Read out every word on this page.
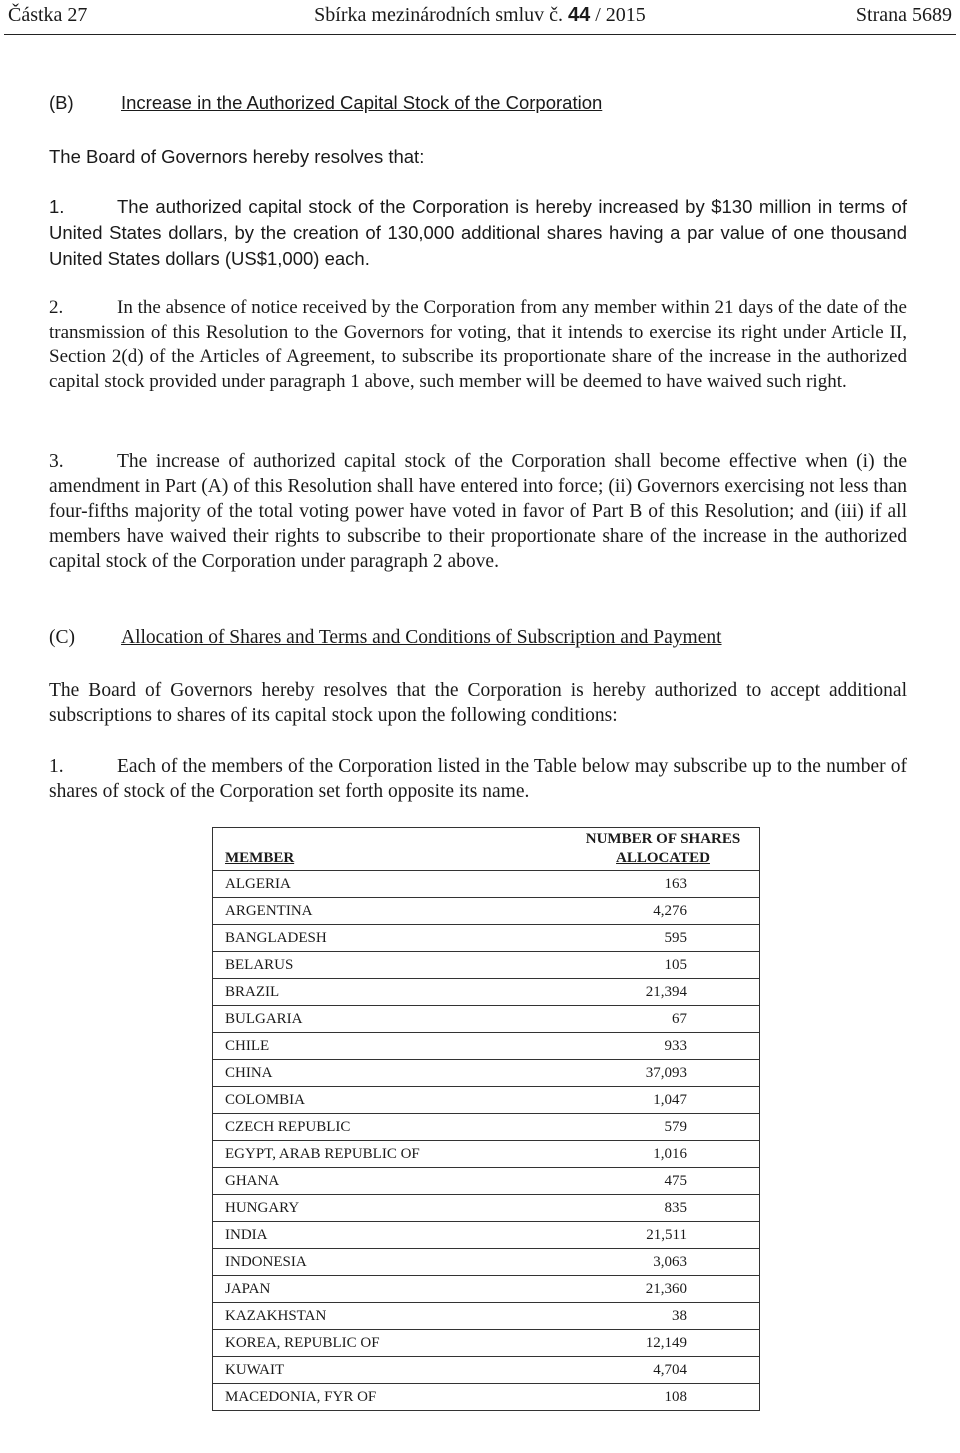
Částka 27	Sbírka mezinárodních smluv č. 44 / 2015	Strana 5689
(B)	Increase in the Authorized Capital Stock of the Corporation
The Board of Governors hereby resolves that:
1.	The authorized capital stock of the Corporation is hereby increased by $130 million in terms of United States dollars, by the creation of 130,000 additional shares having a par value of one thousand United States dollars (US$1,000) each.
2.	In the absence of notice received by the Corporation from any member within 21 days of the date of the transmission of this Resolution to the Governors for voting, that it intends to exercise its right under Article II, Section 2(d) of the Articles of Agreement, to subscribe its proportionate share of the increase in the authorized capital stock provided under paragraph 1 above, such member will be deemed to have waived such right.
3.	The increase of authorized capital stock of the Corporation shall become effective when (i) the amendment in Part (A) of this Resolution shall have entered into force; (ii) Governors exercising not less than four-fifths majority of the total voting power have voted in favor of Part B of this Resolution; and (iii) if all members have waived their rights to subscribe to their proportionate share of the increase in the authorized capital stock of the Corporation under paragraph 2 above.
(C) Allocation of Shares and Terms and Conditions of Subscription and Payment
The Board of Governors hereby resolves that the Corporation is hereby authorized to accept additional subscriptions to shares of its capital stock upon the following conditions:
1.	Each of the members of the Corporation listed in the Table below may subscribe up to the number of shares of stock of the Corporation set forth opposite its name.
MEMBER	NUMBER OF SHARES
ALLOCATED
ALGERIA	163
ARGENTINA	4,276
BANGLADESH	595
BELARUS	105
BRAZIL	21,394
BULGARIA	67
CHILE	933
CHINA	37,093
COLOMBIA	1,047
CZECH REPUBLIC	579
EGYPT, ARAB REPUBLIC OF	1,016
GHANA	475
HUNGARY	835
INDIA	21,511
INDONESIA	3,063
JAPAN	21,360
KAZAKHSTAN	38
KOREA, REPUBLIC OF	12,149
KUWAIT	4,704
MACEDONIA, FYR OF	108
